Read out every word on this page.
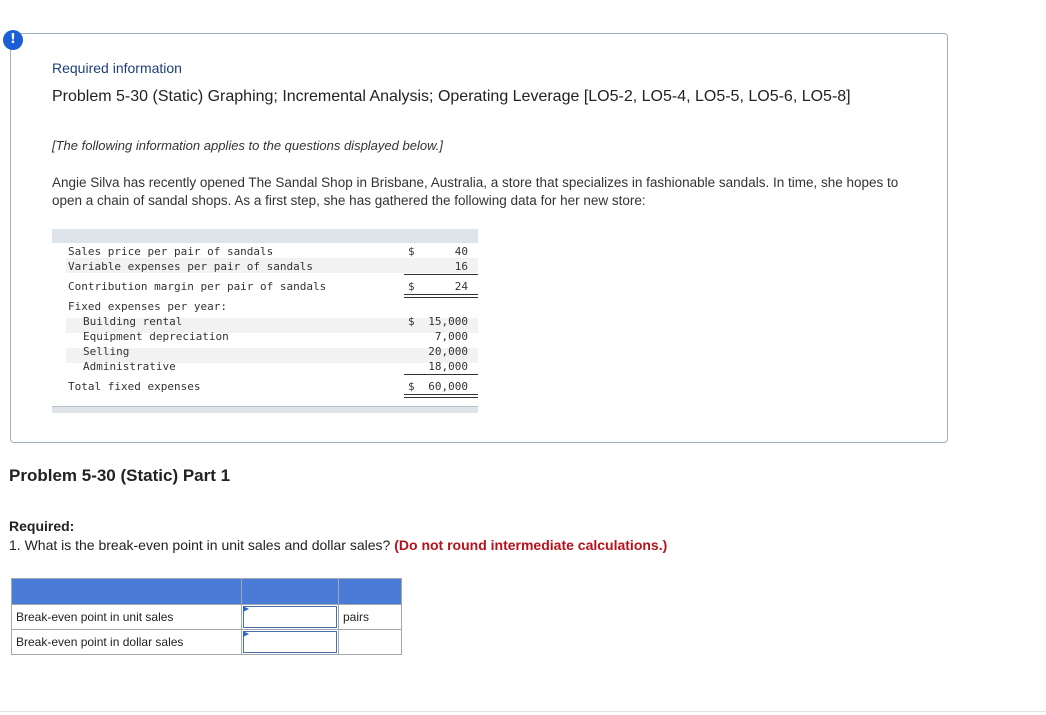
!
Required information
Problem 5-30 (Static) Graphing; Incremental Analysis; Operating Leverage [LO5-2, LO5-4, LO5-5, LO5-6, LO5-8]
[The following information applies to the questions displayed below.]
Angie Silva has recently opened The Sandal Shop in Brisbane, Australia, a store that specializes in fashionable sandals. In time, she hopes to open a chain of sandal shops. As a first step, she has gathered the following data for her new store:
Sales price per pair of sandals	$	40
Variable expenses per pair of sandals	16
Contribution margin per pair of sandals	$	24
Fixed expenses per year:
Building rental	$ 15,000
Equipment depreciation	7,000
Selling	20,000
Administrative	18,000
Total fixed expenses	$ 60,000
Problem 5-30 (Static) Part 1
Required:
1. What is the break-even point in unit sales and dollar sales? (Do not round intermediate calculations.)

Break-even point in unit sales		pairs
Break-even point in dollar sales	
